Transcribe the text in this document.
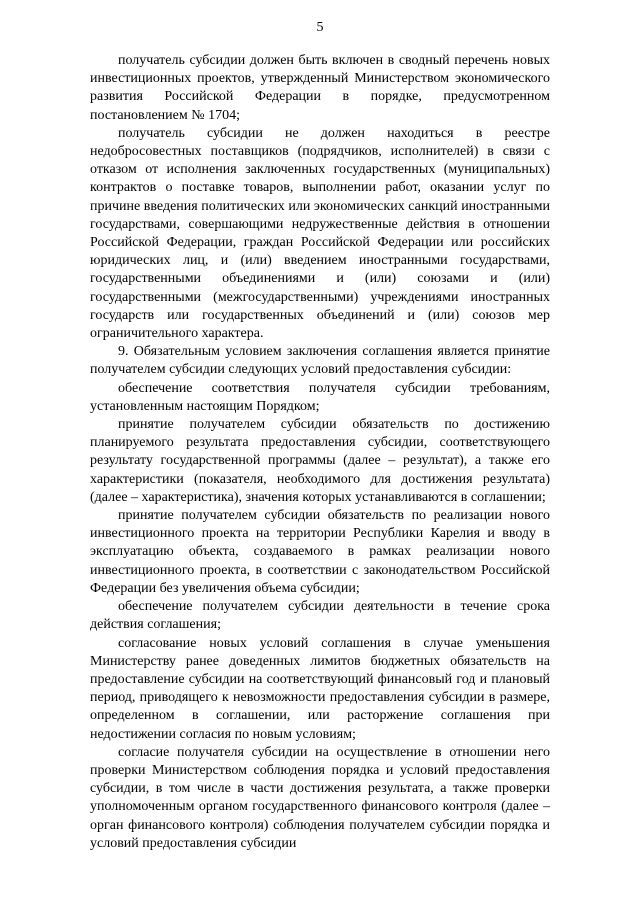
5

получатель субсидии должен быть включен в сводный перечень новых инвестиционных проектов, утвержденный Министерством экономического развития Российской Федерации в порядке, предусмотренном постановлением № 1704;

получатель субсидии не должен находиться в реестре недобросовестных поставщиков (подрядчиков, исполнителей) в связи с отказом от исполнения заключенных государственных (муниципальных) контрактов о поставке товаров, выполнении работ, оказании услуг по причине введения политических или экономических санкций иностранными государствами, совершающими недружественные действия в отношении Российской Федерации, граждан Российской Федерации или российских юридических лиц, и (или) введением иностранными государствами, государственными объединениями и (или) союзами и (или) государственными (межгосударственными) учреждениями иностранных государств или государственных объединений и (или) союзов мер ограничительного характера.

9. Обязательным условием заключения соглашения является принятие получателем субсидии следующих условий предоставления субсидии:

обеспечение соответствия получателя субсидии требованиям, установленным настоящим Порядком;

принятие получателем субсидии обязательств по достижению планируемого результата предоставления субсидии, соответствующего результату государственной программы (далее – результат), а также его характеристики (показателя, необходимого для достижения результата) (далее – характеристика), значения которых устанавливаются в соглашении;

принятие получателем субсидии обязательств по реализации нового инвестиционного проекта на территории Республики Карелия и вводу в эксплуатацию объекта, создаваемого в рамках реализации нового инвестиционного проекта, в соответствии с законодательством Российской Федерации без увеличения объема субсидии;

обеспечение получателем субсидии деятельности в течение срока действия соглашения;

согласование новых условий соглашения в случае уменьшения Министерству ранее доведенных лимитов бюджетных обязательств на предоставление субсидии на соответствующий финансовый год и плановый период, приводящего к невозможности предоставления субсидии в размере, определенном в соглашении, или расторжение соглашения при недостижении согласия по новым условиям;

согласие получателя субсидии на осуществление в отношении него проверки Министерством соблюдения порядка и условий предоставления субсидии, в том числе в части достижения результата, а также проверки уполномоченным органом государственного финансового контроля (далее – орган финансового контроля) соблюдения получателем субсидии порядка и условий предоставления субсидии
